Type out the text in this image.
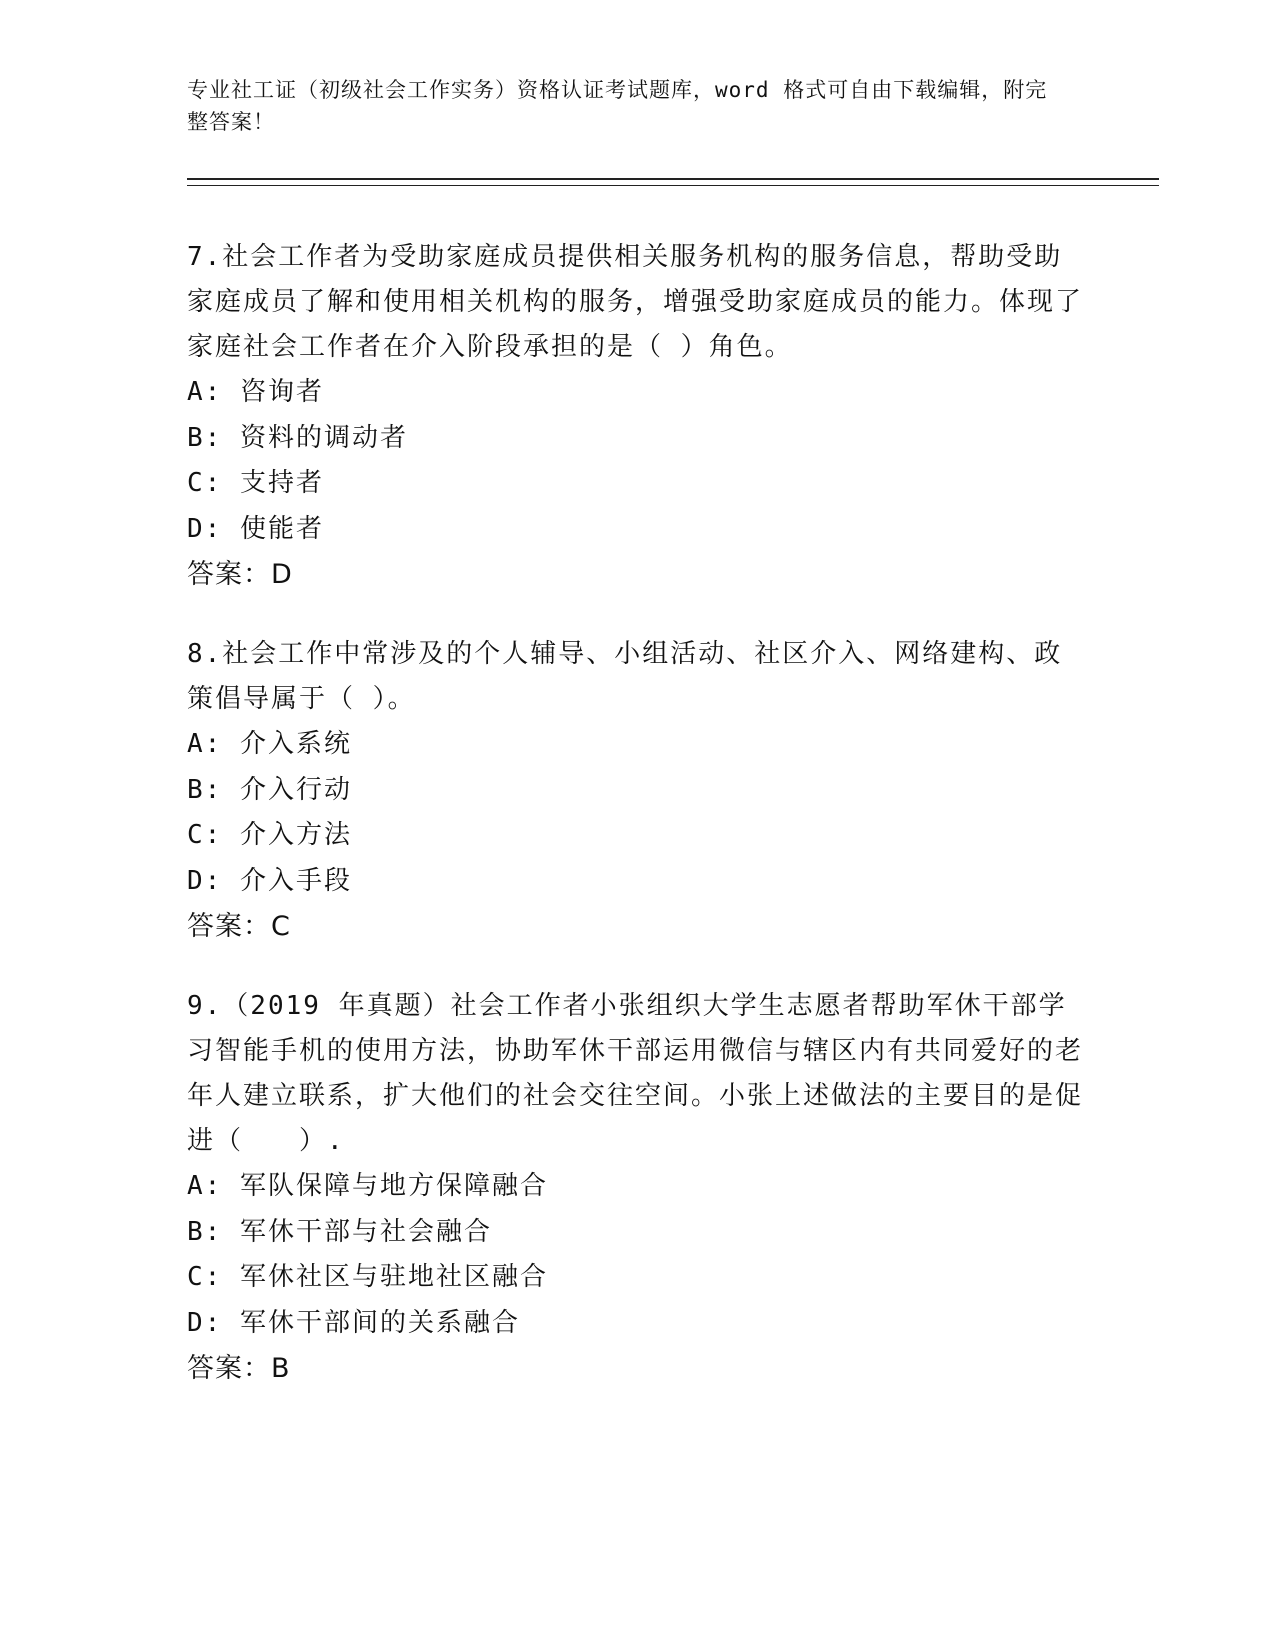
专业社工证（初级社会工作实务）资格认证考试题库，word 格式可自由下载编辑，附完整答案！
7.社会工作者为受助家庭成员提供相关服务机构的服务信息，帮助受助家庭成员了解和使用相关机构的服务，增强受助家庭成员的能力。体现了家庭社会工作者在介入阶段承担的是（ ）角色。
A: 咨询者
B: 资料的调动者
C: 支持者
D: 使能者
答案：D
8.社会工作中常涉及的个人辅导、小组活动、社区介入、网络建构、政策倡导属于（ ）。
A: 介入系统
B: 介入行动
C: 介入方法
D: 介入手段
答案：C
9.（2019 年真题）社会工作者小张组织大学生志愿者帮助军休干部学习智能手机的使用方法，协助军休干部运用微信与辖区内有共同爱好的老年人建立联系，扩大他们的社会交往空间。小张上述做法的主要目的是促进（　　）.
A: 军队保障与地方保障融合
B: 军休干部与社会融合
C: 军休社区与驻地社区融合
D: 军休干部间的关系融合
答案：B
